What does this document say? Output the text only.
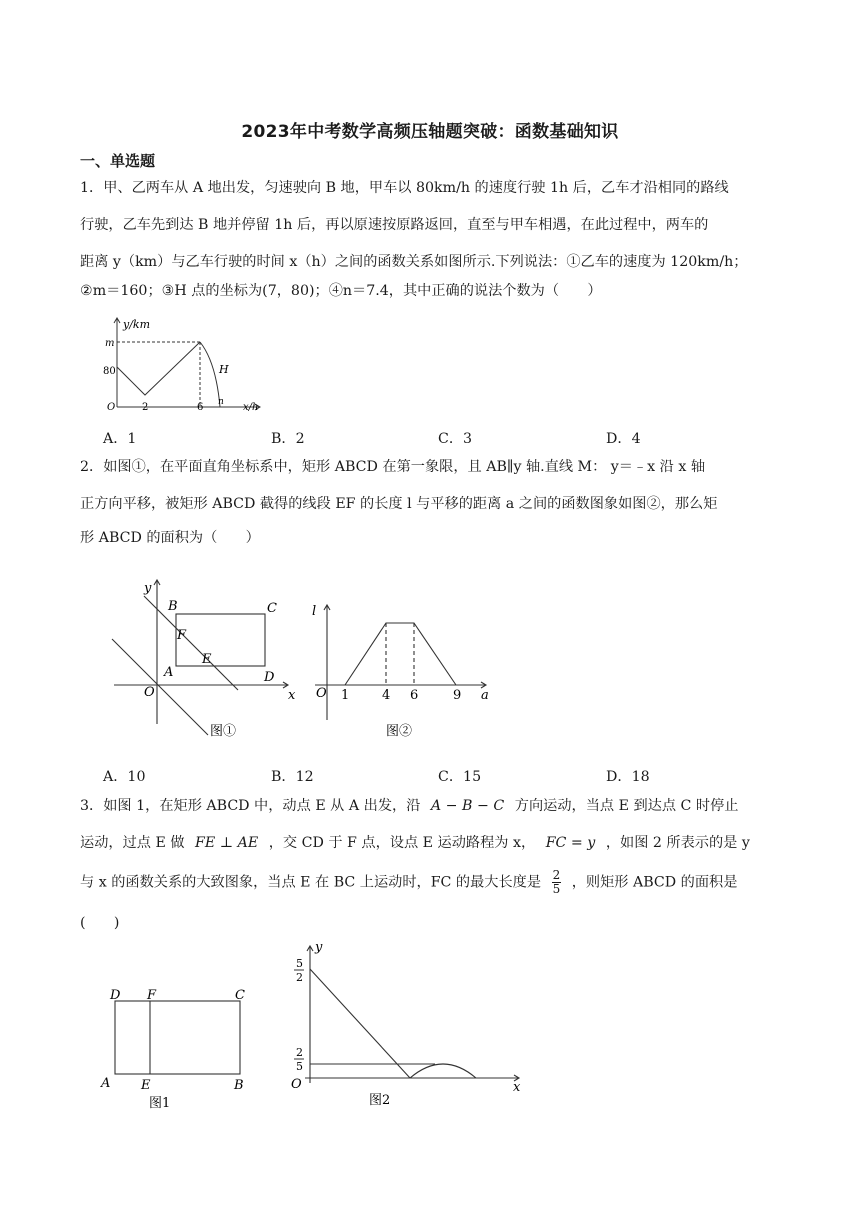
2023年中考数学高频压轴题突破：函数基础知识
一、单选题
1．甲、乙两车从 A 地出发，匀速驶向 B 地，甲车以 80km/h 的速度行驶 1h 后，乙车才沿相同的路线
行驶，乙车先到达 B 地并停留 1h 后，再以原速按原路返回，直至与甲车相遇，在此过程中，两车的
距离 y（km）与乙车行驶的时间 x（h）之间的函数关系如图所示.下列说法：①乙车的速度为 120km/h；
②m＝160；③H 点的坐标为(7，80)；④n＝7.4，其中正确的说法个数为（　　）
y/km
m
80
O	2	6 n
H
x/h
A．1	B．2	C．3	D．4
2．如图①，在平面直角坐标系中，矩形 ABCD 在第一象限，且 AB∥y 轴.直线 M： y＝﹣x 沿 x 轴
正方向平移，被矩形 ABCD 截得的线段 EF 的长度 l 与平移的距离 a 之间的函数图象如图②，那么矩
形 ABCD 的面积为（　　）
y
B	C
F
E
A	D
O	x
l
O	a
1	4 6	9
图①	图②
A．10	B．12	C．15	D．18
3．如图 1，在矩形 ABCD 中，动点 E 从 A 出发，沿 A − B − C 方向运动，当点 E 到达点 C 时停止
运动，过点 E 做 FE ⊥ AE ，交 CD 于 F 点，设点 E 运动路程为 x， FC = y ，如图 2 所表示的是 y
与 x 的函数关系的大致图象，当点 E 在 BC 上运动时，FC 的最大长度是 $\frac{2}{5}$ ，则矩形 ABCD 的面积是
(　　)
D F	C
A E	B
y
O	x
5
2
2
5
图1	图2
